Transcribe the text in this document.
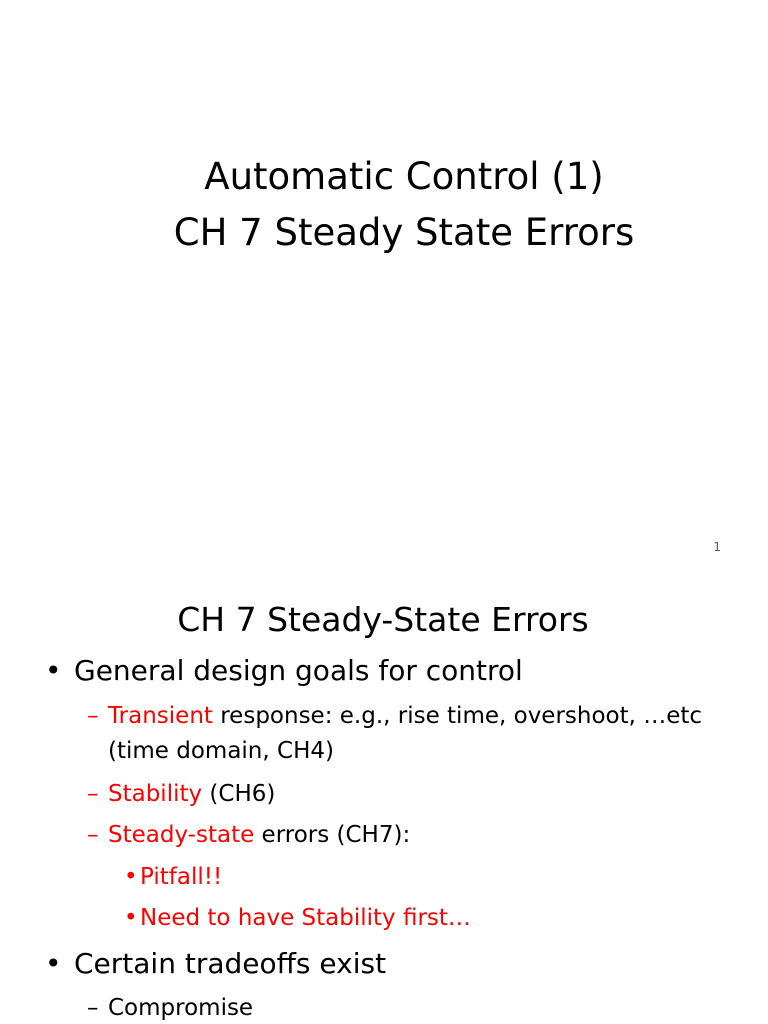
Automatic Control (1)
CH 7 Steady State Errors
1
CH 7 Steady-State Errors
• General design goals for control
– Transient response: e.g., rise time, overshoot, …etc
(time domain, CH4)
– Stability (CH6)
– Steady-state errors (CH7):
• Pitfall!!
• Need to have Stability first…
• Certain tradeoffs exist
– Compromise
